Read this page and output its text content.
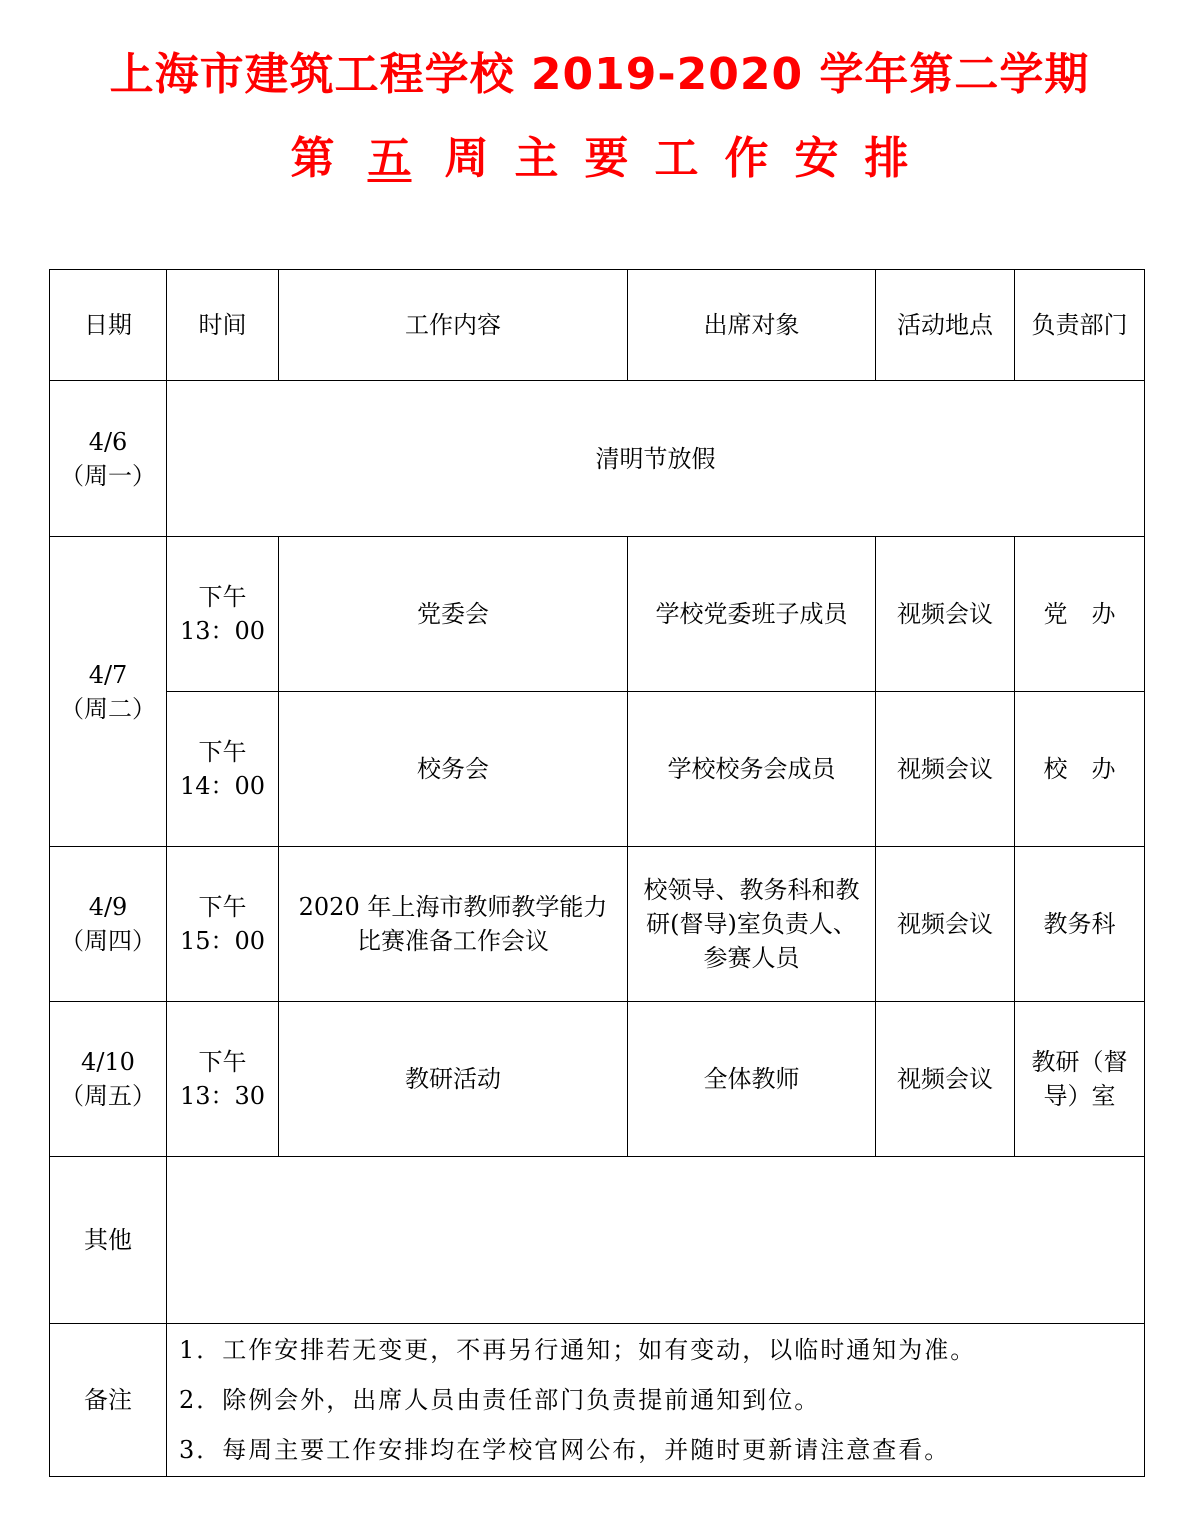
上海市建筑工程学校 2019-2020 学年第二学期
第 五 周 主 要 工 作 安 排
日期	时间	工作内容	出席对象	活动地点	负责部门

4/6
（周一）	清明节放假				

4/7
（周二）	下午
13：00	党委会	学校党委班子成员	视频会议	党　办

	下午
14：00	校务会	学校校务会成员	视频会议	校　办

4/9
（周四）	下午
15：00	2020 年上海市教师教学能力
比赛准备工作会议	校领导、教务科和教
研(督导)室负责人、
参赛人员	视频会议	教务科

4/10
（周五）	下午
13：30	教研活动	全体教师	视频会议	教研（督
导）室

其他					
备注	1．工作安排若无变更，不再另行通知；如有变动，以临时通知为准。
2．除例会外，出席人员由责任部门负责提前通知到位。
3．每周主要工作安排均在学校官网公布，并随时更新请注意查看。				
